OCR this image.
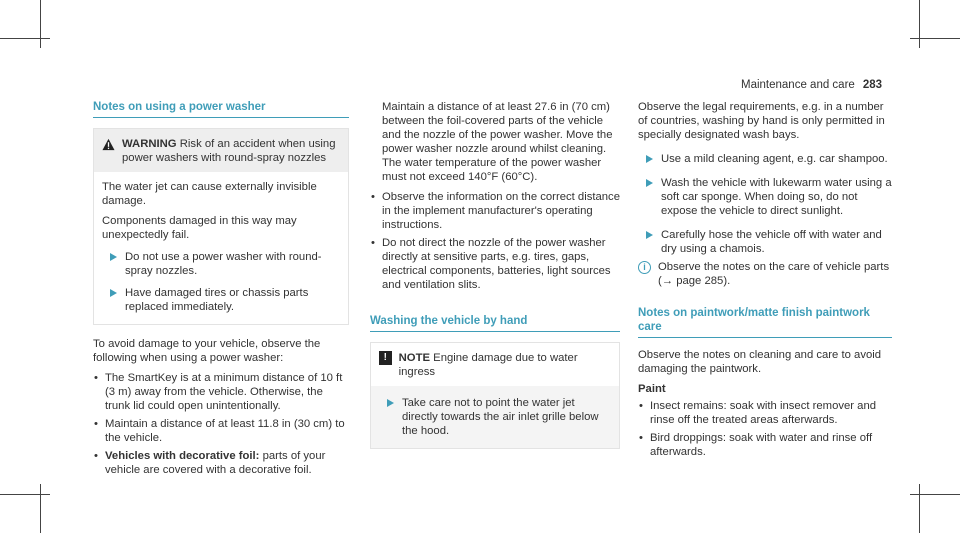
Maintenance and care 283
Notes on using a power washer
WARNING Risk of an accident when using power washers with round-spray nozzles

The water jet can cause externally invisible damage.

Components damaged in this way may unexpectedly fail.

Do not use a power washer with round-spray nozzles.
Have damaged tires or chassis parts replaced immediately.

To avoid damage to your vehicle, observe the following when using a power washer:

• The SmartKey is at a minimum distance of 10 ft (3 m) away from the vehicle. Otherwise, the trunk lid could open unintentionally.
• Maintain a distance of at least 11.8 in (30 cm) to the vehicle.
• Vehicles with decorative foil: parts of your vehicle are covered with a decorative foil.

Maintain a distance of at least 27.6 in (70 cm) between the foil-covered parts of the vehicle and the nozzle of the power washer. Move the power washer nozzle around whilst cleaning. The water temperature of the power washer must not exceed 140°F (60°C).

• Observe the information on the correct distance in the implement manufacturer's operating instructions.
• Do not direct the nozzle of the power washer directly at sensitive parts, e.g. tires, gaps, electrical components, batteries, light sources and ventilation slits.
Washing the vehicle by hand
!	NOTE Engine damage due to water ingress
Take care not to point the water jet directly towards the air inlet grille below the hood.

Observe the legal requirements, e.g. in a number of countries, washing by hand is only permitted in specially designated wash bays.

Use a mild cleaning agent, e.g. car shampoo.
Wash the vehicle with lukewarm water using a soft car sponge. When doing so, do not expose the vehicle to direct sunlight.
Carefully hose the vehicle off with water and dry using a chamois.
i	Observe the notes on the care of vehicle parts (→ page 285).
Notes on paintwork/matte finish paintwork care

Observe the notes on cleaning and care to avoid damaging the paintwork.

Paint
• Insect remains: soak with insect remover and rinse off the treated areas afterwards.
• Bird droppings: soak with water and rinse off afterwards.
